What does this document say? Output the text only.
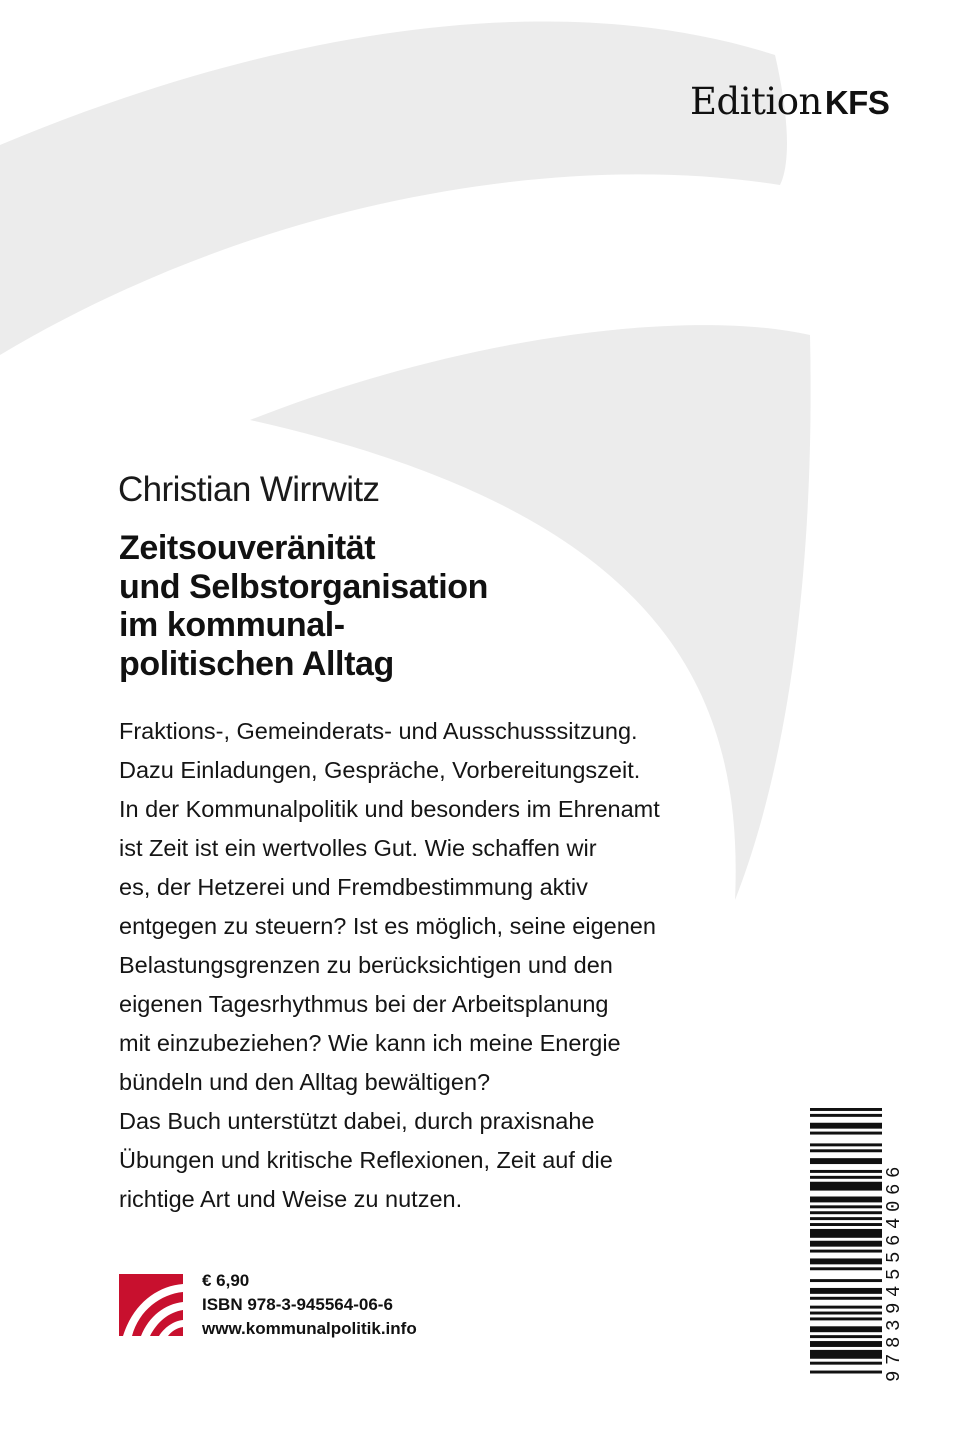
EditionKFS
Christian Wirrwitz
Zeitsouveränität
und Selbstorganisation
im kommunal-
politischen Alltag
Fraktions-, Gemeinderats- und Ausschusssitzung.
Dazu Einladungen, Gespräche, Vorbereitungszeit.
In der Kommunalpolitik und besonders im Ehrenamt
ist Zeit ist ein wertvolles Gut. Wie schaffen wir
es, der Hetzerei und Fremdbestimmung aktiv
entgegen zu steuern? Ist es möglich, seine eigenen
Belastungsgrenzen zu berücksichtigen und den
eigenen Tagesrhythmus bei der Arbeitsplanung
mit einzubeziehen? Wie kann ich meine Energie
bündeln und den Alltag bewältigen?
Das Buch unterstützt dabei, durch praxisnahe
Übungen und kritische Reflexionen, Zeit auf die
richtige Art und Weise zu nutzen.
€ 6,90
ISBN 978-3-945564-06-6
www.kommunalpolitik.info	9783945564066
